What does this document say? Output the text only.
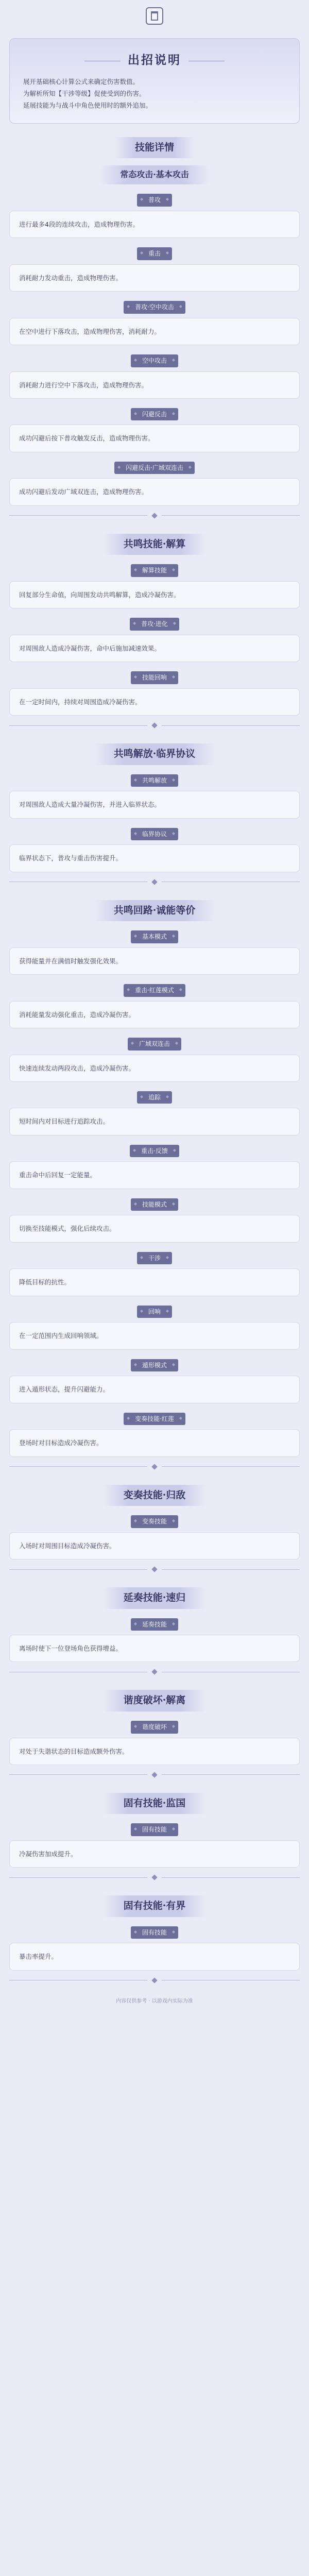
出招说明

展开基础核心计算公式来确定伤害数值。

为解析所知【干涉等级】促使受到的伤害。

延展技能为与战斗中角色使用时的额外追加。

技能详情
常态攻击·基本攻击
◆ 普攻 ◆

进行最多4段的连续攻击，造成物理伤害。

◆ 重击 ◆

消耗耐力发动重击，造成物理伤害。

◆ 普攻·空中攻击 ◆

在空中进行下落攻击，造成物理伤害，消耗耐力。

◆ 空中攻击 ◆

消耗耐力进行空中下落攻击，造成物理伤害。

◆ 闪避反击 ◆

成功闪避后按下普攻触发反击，造成物理伤害。

◆ 闪避反击·广域双连击 ◆

成功闪避后发动广域双连击，造成物理伤害。

共鸣技能·解算
◆ 解算技能 ◆

回复部分生命值，向周围发动共鸣解算，造成冷凝伤害。

◆ 普攻·进化 ◆

对周围敌人造成冷凝伤害，命中后施加减速效果。

◆ 技能回响 ◆

在一定时间内，持续对周围造成冷凝伤害。

共鸣解放·临界协议
◆ 共鸣解放 ◆

对周围敌人造成大量冷凝伤害，并进入临界状态。

◆ 临界协议 ◆

临界状态下，普攻与重击伤害提升。

共鸣回路·诚能等价
◆ 基本模式 ◆

获得能量并在满值时触发强化效果。

◆ 重击·红莲模式 ◆

消耗能量发动强化重击，造成冷凝伤害。

◆ 广域双连击 ◆

快速连续发动两段攻击，造成冷凝伤害。

◆ 追踪 ◆

短时间内对目标进行追踪攻击。

◆ 重击·反馈 ◆

重击命中后回复一定能量。

◆ 技能模式 ◆

切换至技能模式，强化后续攻击。

◆ 干涉 ◆

降低目标的抗性。

◆ 回响 ◆

在一定范围内生成回响领域。

◆ 遁形模式 ◆

进入遁形状态，提升闪避能力。

◆ 变奏技能·红莲 ◆

登场时对目标造成冷凝伤害。

变奏技能·归敌
◆ 变奏技能 ◆

入场时对周围目标造成冷凝伤害。

延奏技能·速归
◆ 延奏技能 ◆

离场时使下一位登场角色获得增益。

谐度破坏·解离
◆ 谐度破坏 ◆

对处于失谐状态的目标造成额外伤害。

固有技能·监国
◆ 固有技能 ◆

冷凝伤害加成提升。

固有技能·有界
◆ 固有技能 ◆

暴击率提升。

内容仅供参考 · 以游戏内实际为准
